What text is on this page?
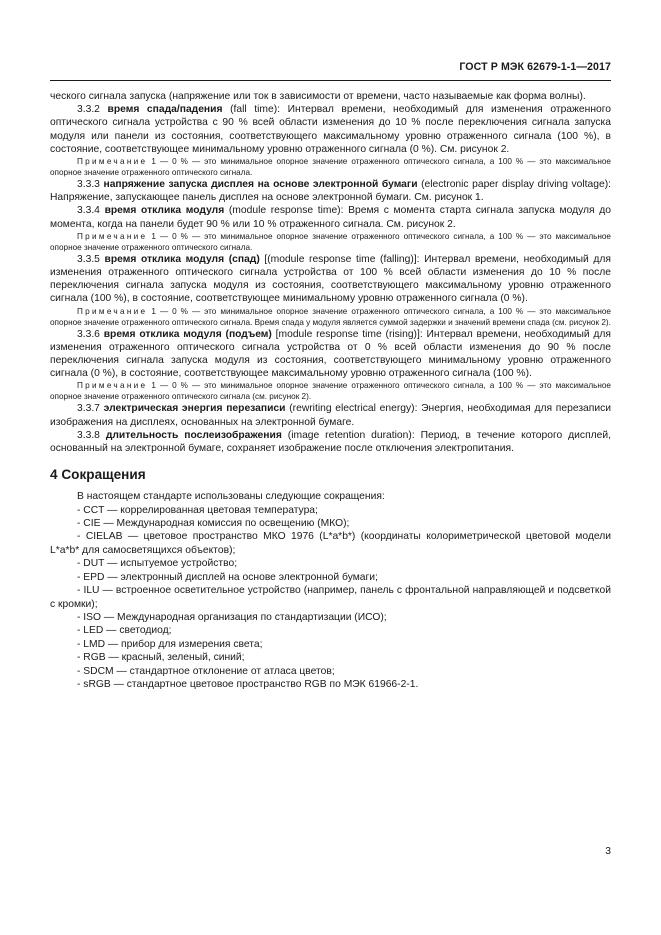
ГОСТ Р МЭК 62679-1-1—2017

ческого сигнала запуска (напряжение или ток в зависимости от времени, часто называемые как форма волны).

3.3.2 время спада/падения (fall time): Интервал времени, необходимый для изменения отраженного оптического сигнала устройства с 90 % всей области изменения до 10 % после переключения сигнала запуска модуля или панели из состояния, соответствующего максимальному уровню отраженного сигнала (100 %), в состояние, соответствующее минимальному уровню отраженного сигнала (0 %). См. рисунок 2.

Примечание 1 — 0 % — это минимальное опорное значение отраженного оптического сигнала, а 100 % — это максимальное опорное значение отраженного оптического сигнала.

3.3.3 напряжение запуска дисплея на основе электронной бумаги (electronic paper display driving voltage): Напряжение, запускающее панель дисплея на основе электронной бумаги. См. рисунок 1.

3.3.4 время отклика модуля (module response time): Время с момента старта сигнала запуска модуля до момента, когда на панели будет 90 % или 10 % отраженного сигнала. См. рисунок 2.

Примечание 1 — 0 % — это минимальное опорное значение отраженного оптического сигнала, а 100 % — это максимальное опорное значение отраженного оптического сигнала.

3.3.5 время отклика модуля (спад) [(module response time (falling)]: Интервал времени, необходимый для изменения отраженного оптического сигнала устройства от 100 % всей области изменения до 10 % после переключения сигнала запуска модуля из состояния, соответствующего максимальному уровню отраженного сигнала (100 %), в состояние, соответствующее минимальному уровню отраженного сигнала (0 %).

Примечание 1 — 0 % — это минимальное опорное значение отраженного оптического сигнала, а 100 % — это максимальное опорное значение отраженного оптического сигнала. Время спада у модуля является суммой задержки и значений времени спада (см. рисунок 2).

3.3.6 время отклика модуля (подъем) [module response time (rising)]: Интервал времени, необходимый для изменения отраженного оптического сигнала устройства от 0 % всей области изменения до 90 % после переключения сигнала запуска модуля из состояния, соответствующего минимальному уровню отраженного сигнала (0 %), в состояние, соответствующее максимальному уровню отраженного сигнала (100 %).

Примечание 1 — 0 % — это минимальное опорное значение отраженного оптического сигнала, а 100 % — это максимальное опорное значение отраженного оптического сигнала (см. рисунок 2).

3.3.7 электрическая энергия перезаписи (rewriting electrical energy): Энергия, необходимая для перезаписи изображения на дисплеях, основанных на электронной бумаге.

3.3.8 длительность послеизображения (image retention duration): Период, в течение которого дисплей, основанный на электронной бумаге, сохраняет изображение после отключения электропитания.

4 Сокращения

В настоящем стандарте использованы следующие сокращения:

- CCT — коррелированная цветовая температура;

- CIE — Международная комиссия по освещению (МКО);

- CIELAB — цветовое пространство МКО 1976 (L*a*b*) (координаты колориметрической цветовой модели L*a*b* для самосветящихся объектов);

- DUT — испытуемое устройство;

- EPD — электронный дисплей на основе электронной бумаги;

- ILU — встроенное осветительное устройство (например, панель с фронтальной направляющей и подсветкой с кромки);

- ISO — Международная организация по стандартизации (ИСО);

- LED — светодиод;

- LMD — прибор для измерения света;

- RGB — красный, зеленый, синий;

- SDCM — стандартное отклонение от атласа цветов;

- sRGB — стандартное цветовое пространство RGB по МЭК 61966-2-1.

3
